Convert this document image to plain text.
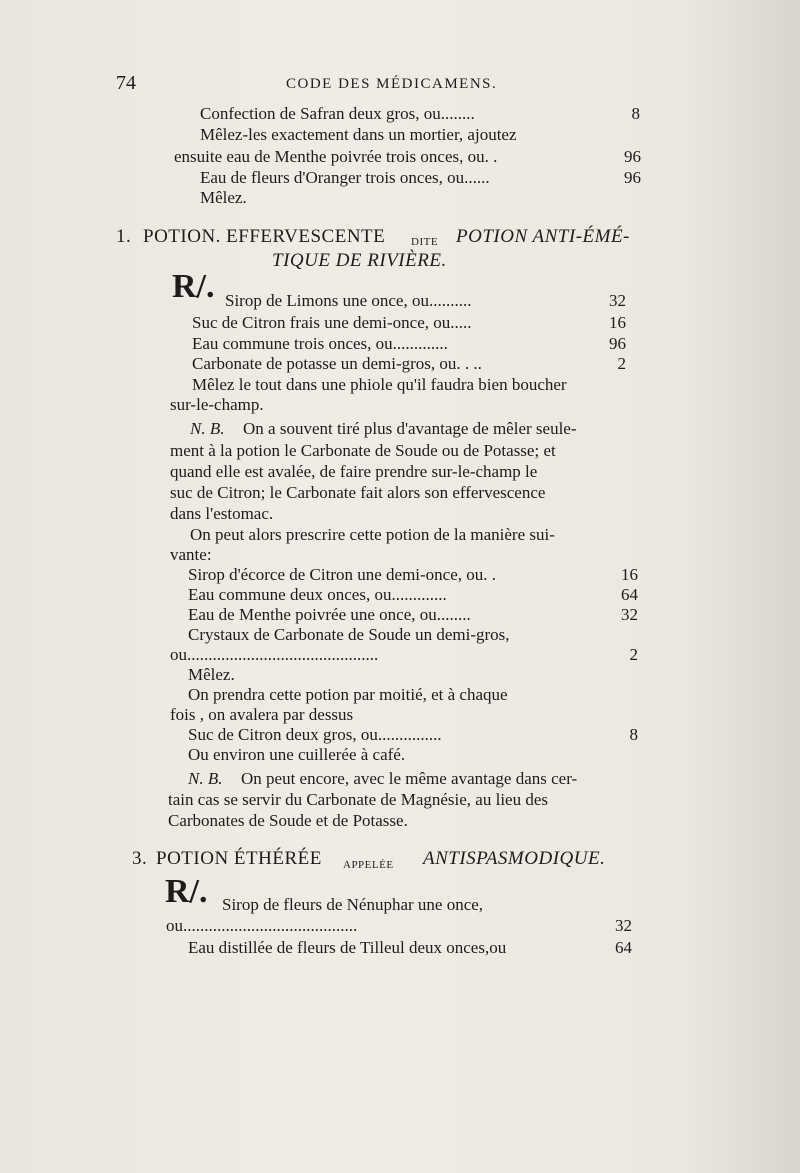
74	CODE DES MÉDICAMENS.
Confection de Safran deux gros, ou........	8
Mêlez-les exactement dans un mortier, ajoutez
ensuite eau de Menthe poivrée trois onces, ou. .	96
Eau de fleurs d'Oranger trois onces, ou......	96
Mêlez.
1. POTION. EFFERVESCENTE DITE POTION ANTI-ÉMÉ-
TIQUE DE RIVIÈRE.
R/. Sirop de Limons une once, ou..........	32
Suc de Citron frais une demi-once, ou.....	16
Eau commune trois onces, ou.............	96
Carbonate de potasse un demi-gros, ou. . ..	2
Mêlez le tout dans une phiole qu'il faudra bien boucher
sur-le-champ.
N. B. On a souvent tiré plus d'avantage de mêler seule-
ment à la potion le Carbonate de Soude ou de Potasse; et
quand elle est avalée, de faire prendre sur-le-champ le
suc de Citron; le Carbonate fait alors son effervescence
dans l'estomac.
On peut alors prescrire cette potion de la manière sui-
vante:
Sirop d'écorce de Citron une demi-once, ou. .	16
Eau commune deux onces, ou.............	64
Eau de Menthe poivrée une once, ou........	32
Crystaux de Carbonate de Soude un demi-gros,
ou.............................................	2
Mêlez.
On prendra cette potion par moitié, et à chaque
fois , on avalera par dessus
Suc de Citron deux gros, ou...............	8
Ou environ une cuillerée à café.
N. B. On peut encore, avec le même avantage dans cer-
tain cas se servir du Carbonate de Magnésie, au lieu des
Carbonates de Soude et de Potasse.
3. POTION ÉTHÉRÉE APPELÉE ANTISPASMODIQUE.
R/. Sirop de fleurs de Nénuphar une once,
ou.........................................	32
Eau distillée de fleurs de Tilleul deux onces,ou	64
